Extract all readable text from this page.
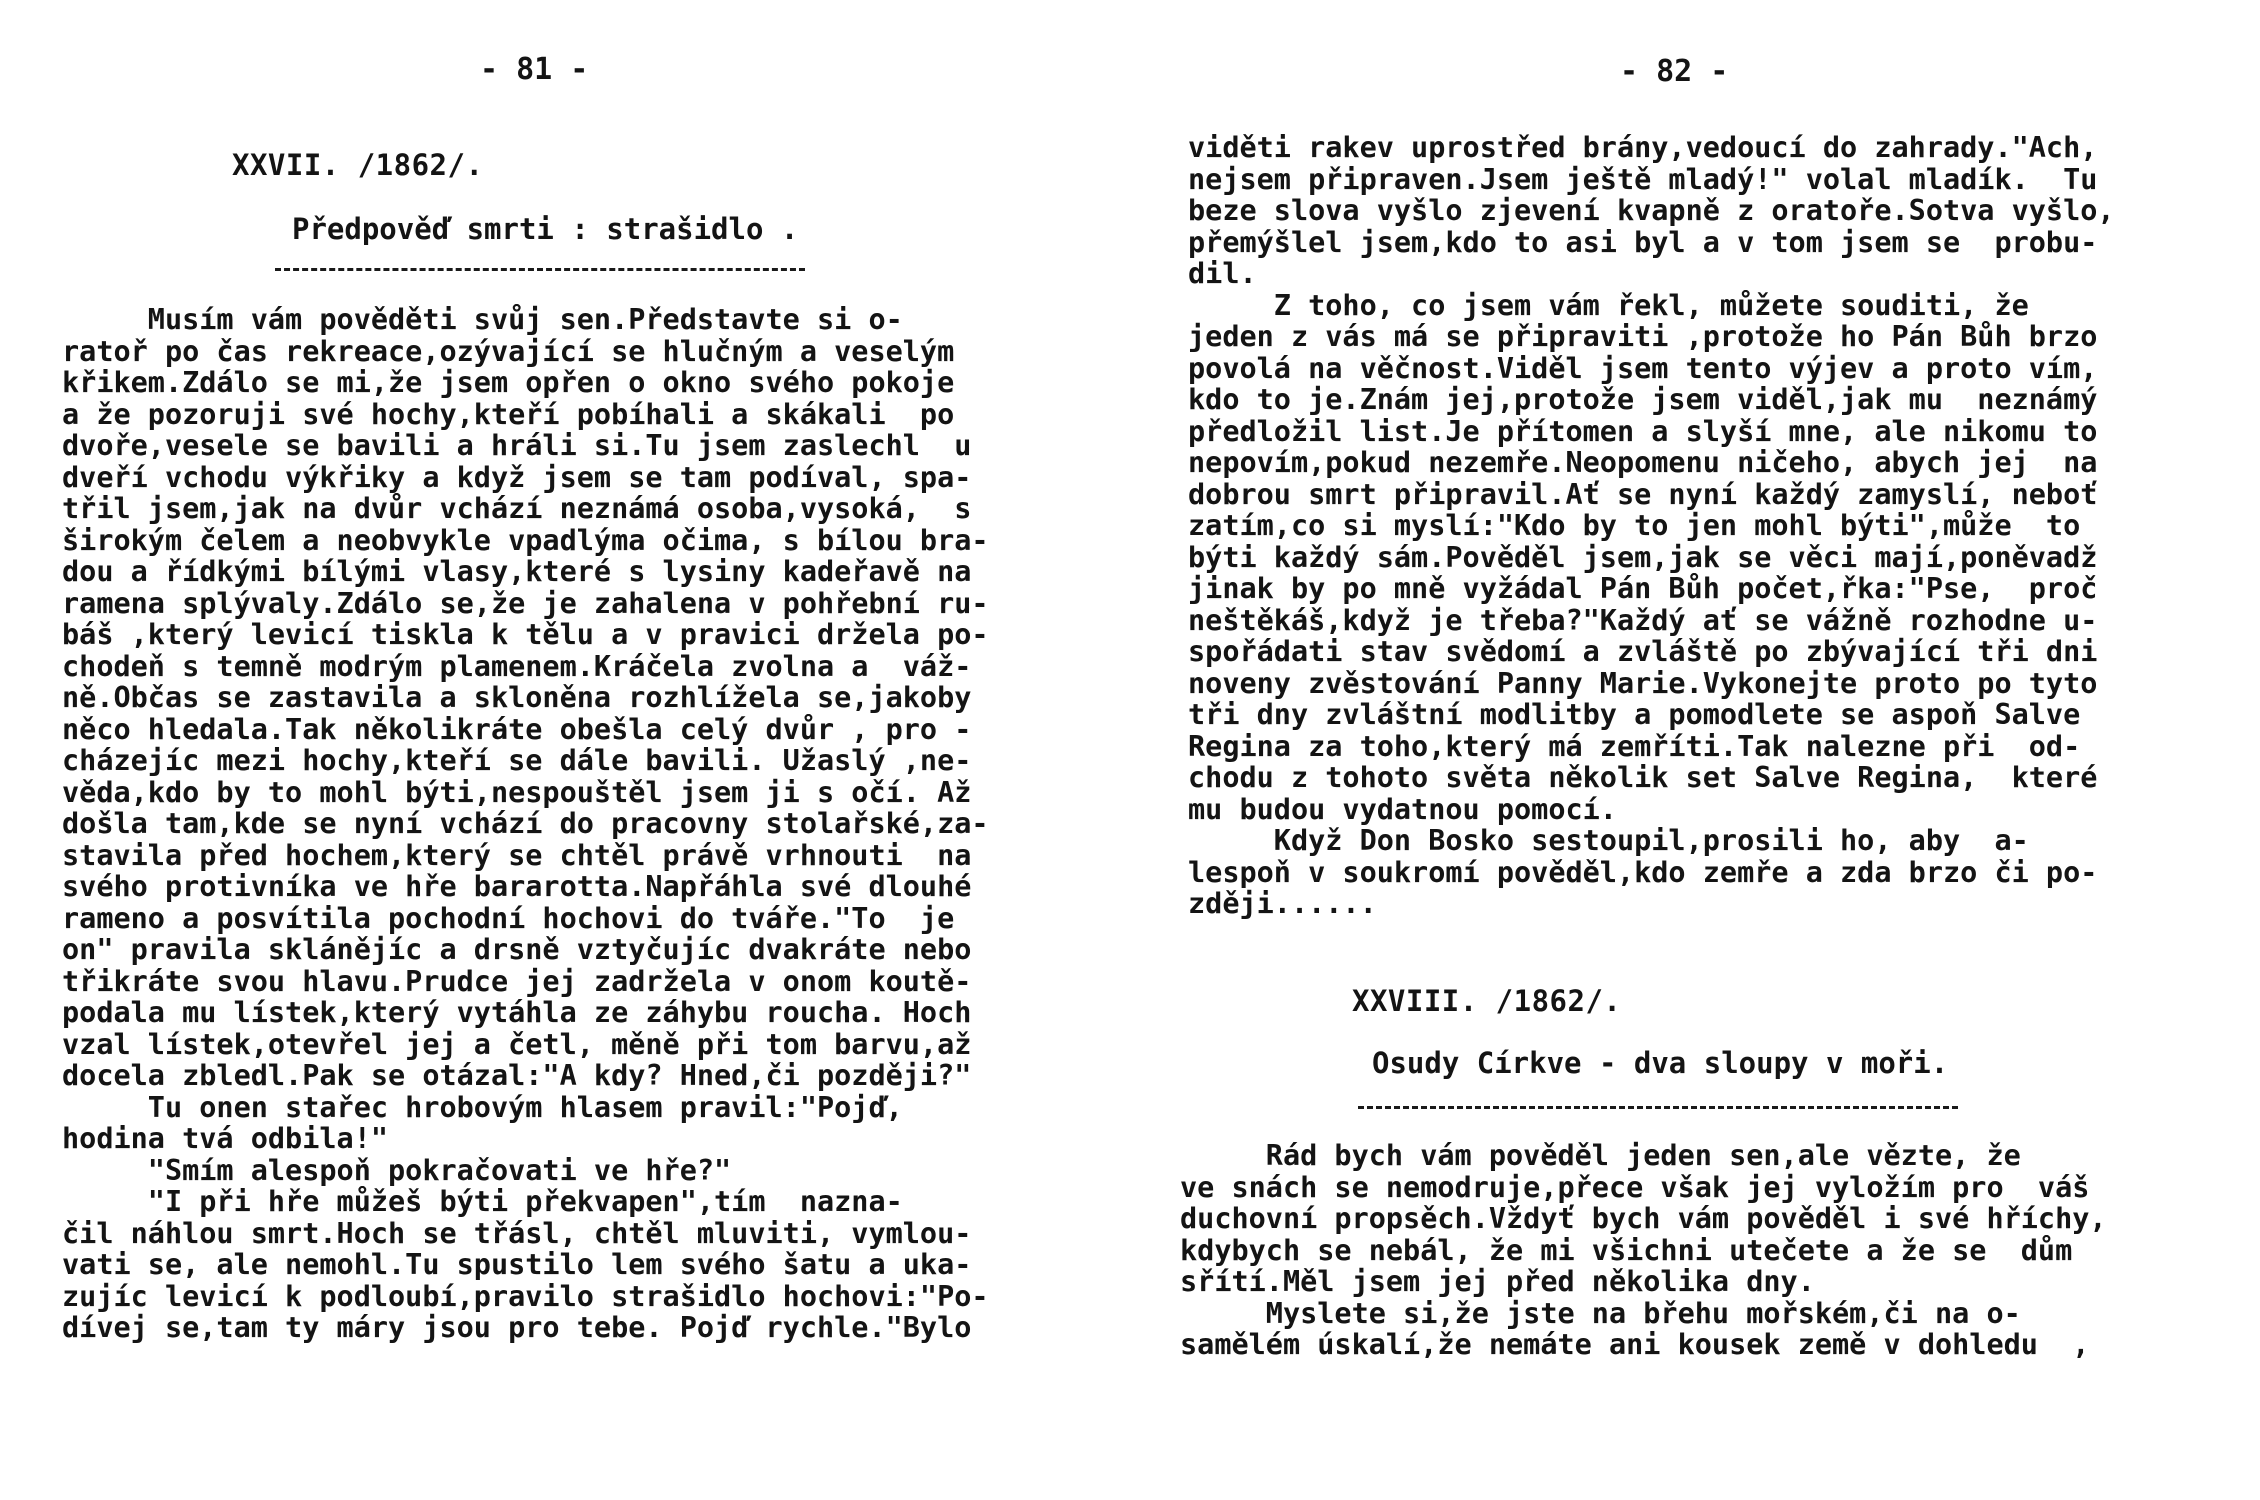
- 81 -
XXVII. /1862/.
Předpověď smrti : strašidlo .
Musím vám pověděti svůj sen.Představte si o-
ratoř po čas rekreace,ozývající se hlučným a veselým
křikem.Zdálo se mi,že jsem opřen o okno svého pokoje
a že pozoruji své hochy,kteří pobíhali a skákali  po
dvoře,vesele se bavili a hráli si.Tu jsem zaslechl  u
dveří vchodu výkřiky a když jsem se tam podíval, spa-
třil jsem,jak na dvůr vchází neznámá osoba,vysoká,  s
širokým čelem a neobvykle vpadlýma očima, s bílou bra-
dou a řídkými bílými vlasy,které s lysiny kadeřavě na
ramena splývaly.Zdálo se,že je zahalena v pohřební ru-
báš ,který levicí tiskla k tělu a v pravici držela po-
chodeň s temně modrým plamenem.Kráčela zvolna a  váž-
ně.Občas se zastavila a skloněna rozhlížela se,jakoby
něco hledala.Tak několikráte obešla celý dvůr , pro -
cházejíc mezi hochy,kteří se dále bavili. Užaslý ,ne-
věda,kdo by to mohl býti,nespouštěl jsem ji s očí. Až
došla tam,kde se nyní vchází do pracovny stolařské,za-
stavila před hochem,který se chtěl právě vrhnouti  na
svého protivníka ve hře bararotta.Napřáhla své dlouhé
rameno a posvítila pochodní hochovi do tváře."To  je
on" pravila sklánějíc a drsně vztyčujíc dvakráte nebo
třikráte svou hlavu.Prudce jej zadržela v onom koutě-
podala mu lístek,který vytáhla ze záhybu roucha. Hoch
vzal lístek,otevřel jej a četl, měně při tom barvu,až
docela zbledl.Pak se otázal:"A kdy? Hned,či později?"
Tu onen stařec hrobovým hlasem pravil:"Pojď,
hodina tvá odbila!"
"Smím alespoň pokračovati ve hře?"
"I při hře můžeš býti překvapen",tím  nazna-
čil náhlou smrt.Hoch se třásl, chtěl mluviti, vymlou-
vati se, ale nemohl.Tu spustilo lem svého šatu a uka-
zujíc levicí k podloubí,pravilo strašidlo hochovi:"Po-
dívej se,tam ty máry jsou pro tebe. Pojď rychle."Bylo
- 82 -
viděti rakev uprostřed brány,vedoucí do zahrady."Ach,
nejsem připraven.Jsem ještě mladý!" volal mladík.  Tu
beze slova vyšlo zjevení kvapně z oratoře.Sotva vyšlo,
přemýšlel jsem,kdo to asi byl a v tom jsem se  probu-
dil.
Z toho, co jsem vám řekl, můžete souditi, že
jeden z vás má se připraviti ,protože ho Pán Bůh brzo
povolá na věčnost.Viděl jsem tento výjev a proto vím,
kdo to je.Znám jej,protože jsem viděl,jak mu  neznámý
předložil list.Je přítomen a slyší mne, ale nikomu to
nepovím,pokud nezemře.Neopomenu ničeho, abych jej  na
dobrou smrt připravil.Ať se nyní každý zamyslí, neboť
zatím,co si myslí:"Kdo by to jen mohl býti",může  to
býti každý sám.Pověděl jsem,jak se věci mají,poněvadž
jinak by po mně vyžádal Pán Bůh počet,řka:"Pse,  proč
neštěkáš,když je třeba?"Každý ať se vážně rozhodne u-
spořádati stav svědomí a zvláště po zbývající tři dni
noveny zvěstování Panny Marie.Vykonejte proto po tyto
tři dny zvláštní modlitby a pomodlete se aspoň Salve
Regina za toho,který má zemříti.Tak nalezne při  od-
chodu z tohoto světa několik set Salve Regina,  které
mu budou vydatnou pomocí.
Když Don Bosko sestoupil,prosili ho, aby  a-
lespoň v soukromí pověděl,kdo zemře a zda brzo či po-
zději......
XXVIII. /1862/.
Osudy Církve - dva sloupy v moři.
Rád bych vám pověděl jeden sen,ale vězte, že
ve snách se nemodruje,přece však jej vyložím pro  váš
duchovní propsěch.Vždyť bych vám pověděl i své hříchy,
kdybych se nebál, že mi všichni utečete a že se  dům
sřítí.Měl jsem jej před několika dny.
Myslete si,že jste na břehu mořském,či na o-
samělém úskalí,že nemáte ani kousek země v dohledu  ,
